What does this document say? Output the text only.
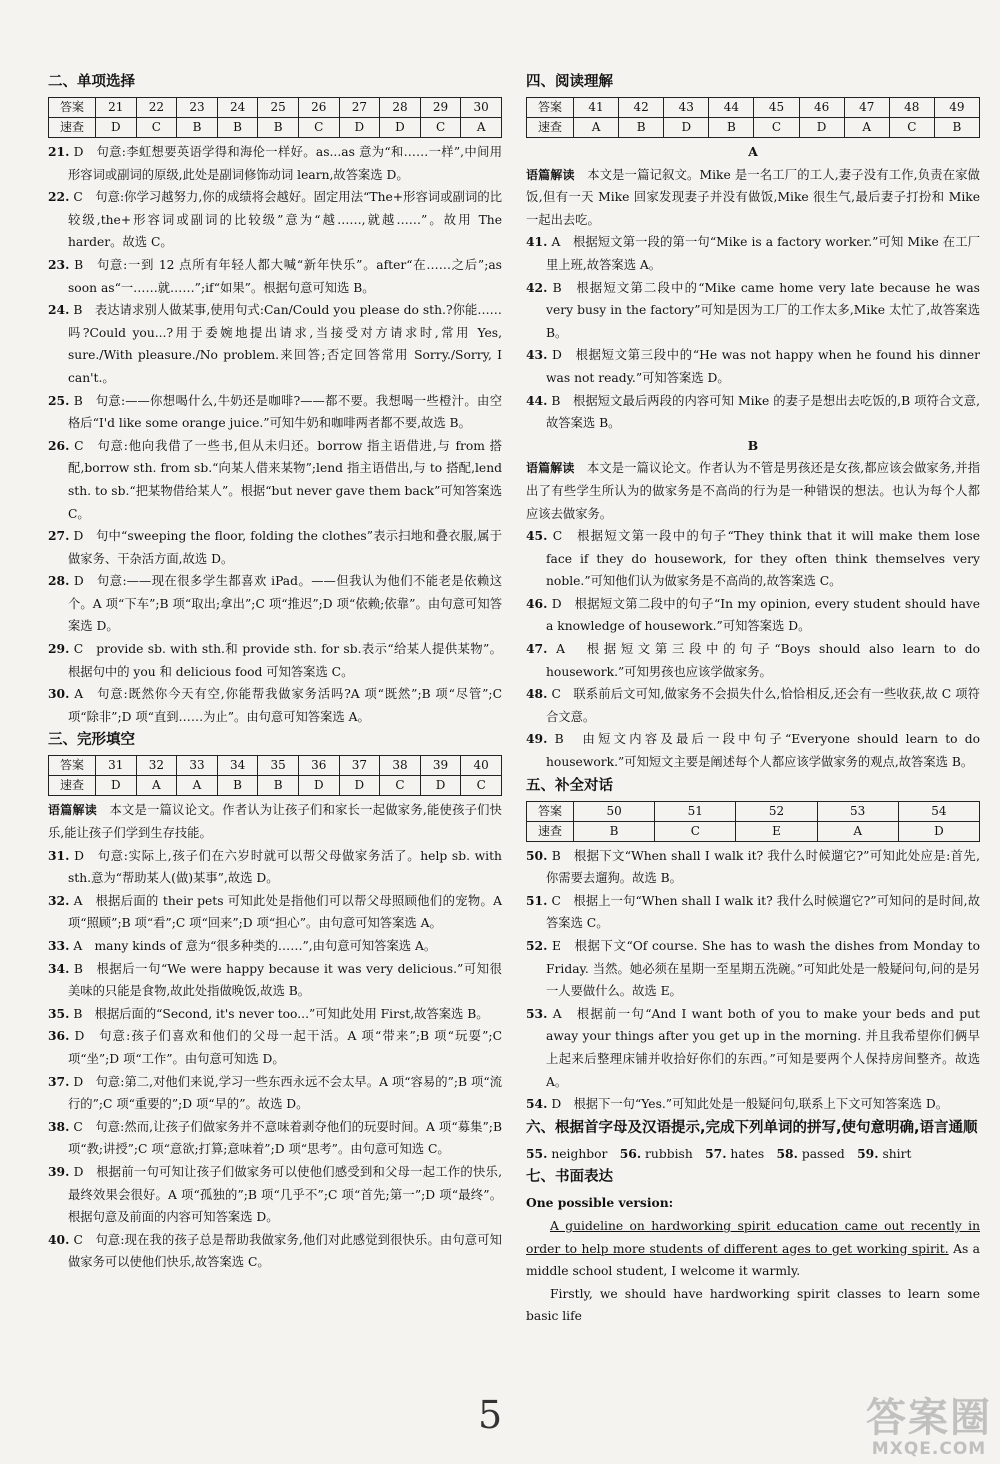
二、单项选择
答案	21	22	23	24	25	26	27	28	29	30
速查	D	C	B	B	B	C	D	D	C	A

21. D　句意:李虹想要英语学得和海伦一样好。as...as 意为“和……一样”,中间用形容词或副词的原级,此处是副词修饰动词 learn,故答案选 D。

22. C　句意:你学习越努力,你的成绩将会越好。固定用法“The+形容词或副词的比较级,the+形容词或副词的比较级”意为“越……,就越……”。故用 The harder。故选 C。

23. B　句意:一到 12 点所有年轻人都大喊“新年快乐”。after“在……之后”;as soon as“一……就……”;if“如果”。根据句意可知选 B。

24. B　表达请求别人做某事,使用句式:Can/Could you please do sth.?你能……吗?Could you...?用于委婉地提出请求,当接受对方请求时,常用 Yes, sure./With pleasure./No problem.来回答;否定回答常用 Sorry./Sorry, I can't.。

25. B　句意:——你想喝什么,牛奶还是咖啡?——都不要。我想喝一些橙汁。由空格后“I'd like some orange juice.”可知牛奶和咖啡两者都不要,故选 B。

26. C　句意:他向我借了一些书,但从未归还。borrow 指主语借进,与 from 搭配,borrow sth. from sb.“向某人借来某物”;lend 指主语借出,与 to 搭配,lend sth. to sb.“把某物借给某人”。根据“but never gave them back”可知答案选 C。

27. D　句中“sweeping the floor, folding the clothes”表示扫地和叠衣服,属于做家务、干杂活方面,故选 D。

28. D　句意:——现在很多学生都喜欢 iPad。——但我认为他们不能老是依赖这个。A 项“下车”;B 项“取出;拿出”;C 项“推迟”;D 项“依赖;依靠”。由句意可知答案选 D。

29. C　provide sb. with sth.和 provide sth. for sb.表示“给某人提供某物”。根据句中的 you 和 delicious food 可知答案选 C。

30. A　句意:既然你今天有空,你能帮我做家务活吗?A 项“既然”;B 项“尽管”;C 项“除非”;D 项“直到……为止”。由句意可知答案选 A。

三、完形填空
答案	31	32	33	34	35	36	37	38	39	40
速查	D	A	A	B	B	D	D	C	D	C

语篇解读　 本文是一篇议论文。作者认为让孩子们和家长一起做家务,能使孩子们快乐,能让孩子们学到生存技能。

31. D　句意:实际上,孩子们在六岁时就可以帮父母做家务活了。help sb. with sth.意为“帮助某人(做)某事”,故选 D。

32. A　根据后面的 their pets 可知此处是指他们可以帮父母照顾他们的宠物。A 项“照顾”;B 项“看”;C 项“回来”;D 项“担心”。由句意可知答案选 A。

33. A　many kinds of 意为“很多种类的……”,由句意可知答案选 A。

34. B　根据后一句“We were happy because it was very delicious.”可知很美味的只能是食物,故此处指做晚饭,故选 B。

35. B　根据后面的“Second, it's never too...”可知此处用 First,故答案选 B。

36. D　句意:孩子们喜欢和他们的父母一起干活。A 项“带来”;B 项“玩耍”;C 项“坐”;D 项“工作”。由句意可知选 D。

37. D　句意:第二,对他们来说,学习一些东西永远不会太早。A 项“容易的”;B 项“流行的”;C 项“重要的”;D 项“早的”。故选 D。

38. C　句意:然而,让孩子们做家务并不意味着剥夺他们的玩耍时间。A 项“募集”;B 项“教;讲授”;C 项“意欲;打算;意味着”;D 项“思考”。由句意可知选 C。

39. D　根据前一句可知让孩子们做家务可以使他们感受到和父母一起工作的快乐,最终效果会很好。A 项“孤独的”;B 项“几乎不”;C 项“首先;第一”;D 项“最终”。根据句意及前面的内容可知答案选 D。

40. C　句意:现在我的孩子总是帮助我做家务,他们对此感觉到很快乐。由句意可知做家务可以使他们快乐,故答案选 C。

四、阅读理解
答案	41	42	43	44	45	46	47	48	49
速查	A	B	D	B	C	D	A	C	B

A

语篇解读　 本文是一篇记叙文。Mike 是一名工厂的工人,妻子没有工作,负责在家做饭,但有一天 Mike 回家发现妻子并没有做饭,Mike 很生气,最后妻子打扮和 Mike 一起出去吃。

41. A　根据短文第一段的第一句“Mike is a factory worker.”可知 Mike 在工厂里上班,故答案选 A。

42. B　根据短文第二段中的“Mike came home very late because he was very busy in the factory”可知是因为工厂的工作太多,Mike 太忙了,故答案选 B。

43. D　根据短文第三段中的“He was not happy when he found his dinner was not ready.”可知答案选 D。

44. B　根据短文最后两段的内容可知 Mike 的妻子是想出去吃饭的,B 项符合文意,故答案选 B。

B

语篇解读　 本文是一篇议论文。作者认为不管是男孩还是女孩,都应该会做家务,并指出了有些学生所认为的做家务是不高尚的行为是一种错误的想法。也认为每个人都应该去做家务。

45. C　根据短文第一段中的句子“They think that it will make them lose face if they do housework, for they often think themselves very noble.”可知他们认为做家务是不高尚的,故答案选 C。

46. D　根据短文第二段中的句子“In my opinion, every student should have a knowledge of housework.”可知答案选 D。

47. A　根据短文第三段中的句子“Boys should also learn to do housework.”可知男孩也应该学做家务。

48. C　联系前后文可知,做家务不会损失什么,恰恰相反,还会有一些收获,故 C 项符合文意。

49. B　由短文内容及最后一段中句子“Everyone should learn to do housework.”可知短文主要是阐述每个人都应该学做家务的观点,故答案选 B。

五、补全对话
答案	50	51	52	53	54
速查	B	C	E	A	D

50. B　根据下文“When shall I walk it? 我什么时候遛它?”可知此处应是:首先,你需要去遛狗。故选 B。

51. C　根据上一句“When shall I walk it? 我什么时候遛它?”可知问的是时间,故答案选 C。

52. E　根据下文“Of course. She has to wash the dishes from Monday to Friday. 当然。她必须在星期一至星期五洗碗。”可知此处是一般疑问句,问的是另一人要做什么。故选 E。

53. A　根据前一句“And I want both of you to make your beds and put away your things after you get up in the morning. 并且我希望你们俩早上起来后整理床铺并收拾好你们的东西。”可知是要两个人保持房间整齐。故选 A。

54. D　根据下一句“Yes.”可知此处是一般疑问句,联系上下文可知答案选 D。

六、根据首字母及汉语提示,完成下列单词的拼写,使句意明确,语言通顺

55. neighbor　 56. rubbish　 57. hates　 58. passed　 59. shirt　

七、书面表达

One possible version:

A guideline on hardworking spirit education came out recently in order to help more students of different ages to get working spirit. As a middle school student, I welcome it warmly.

Firstly, we should have hardworking spirit classes to learn some basic life

5	答案圈
MXQE.COM
